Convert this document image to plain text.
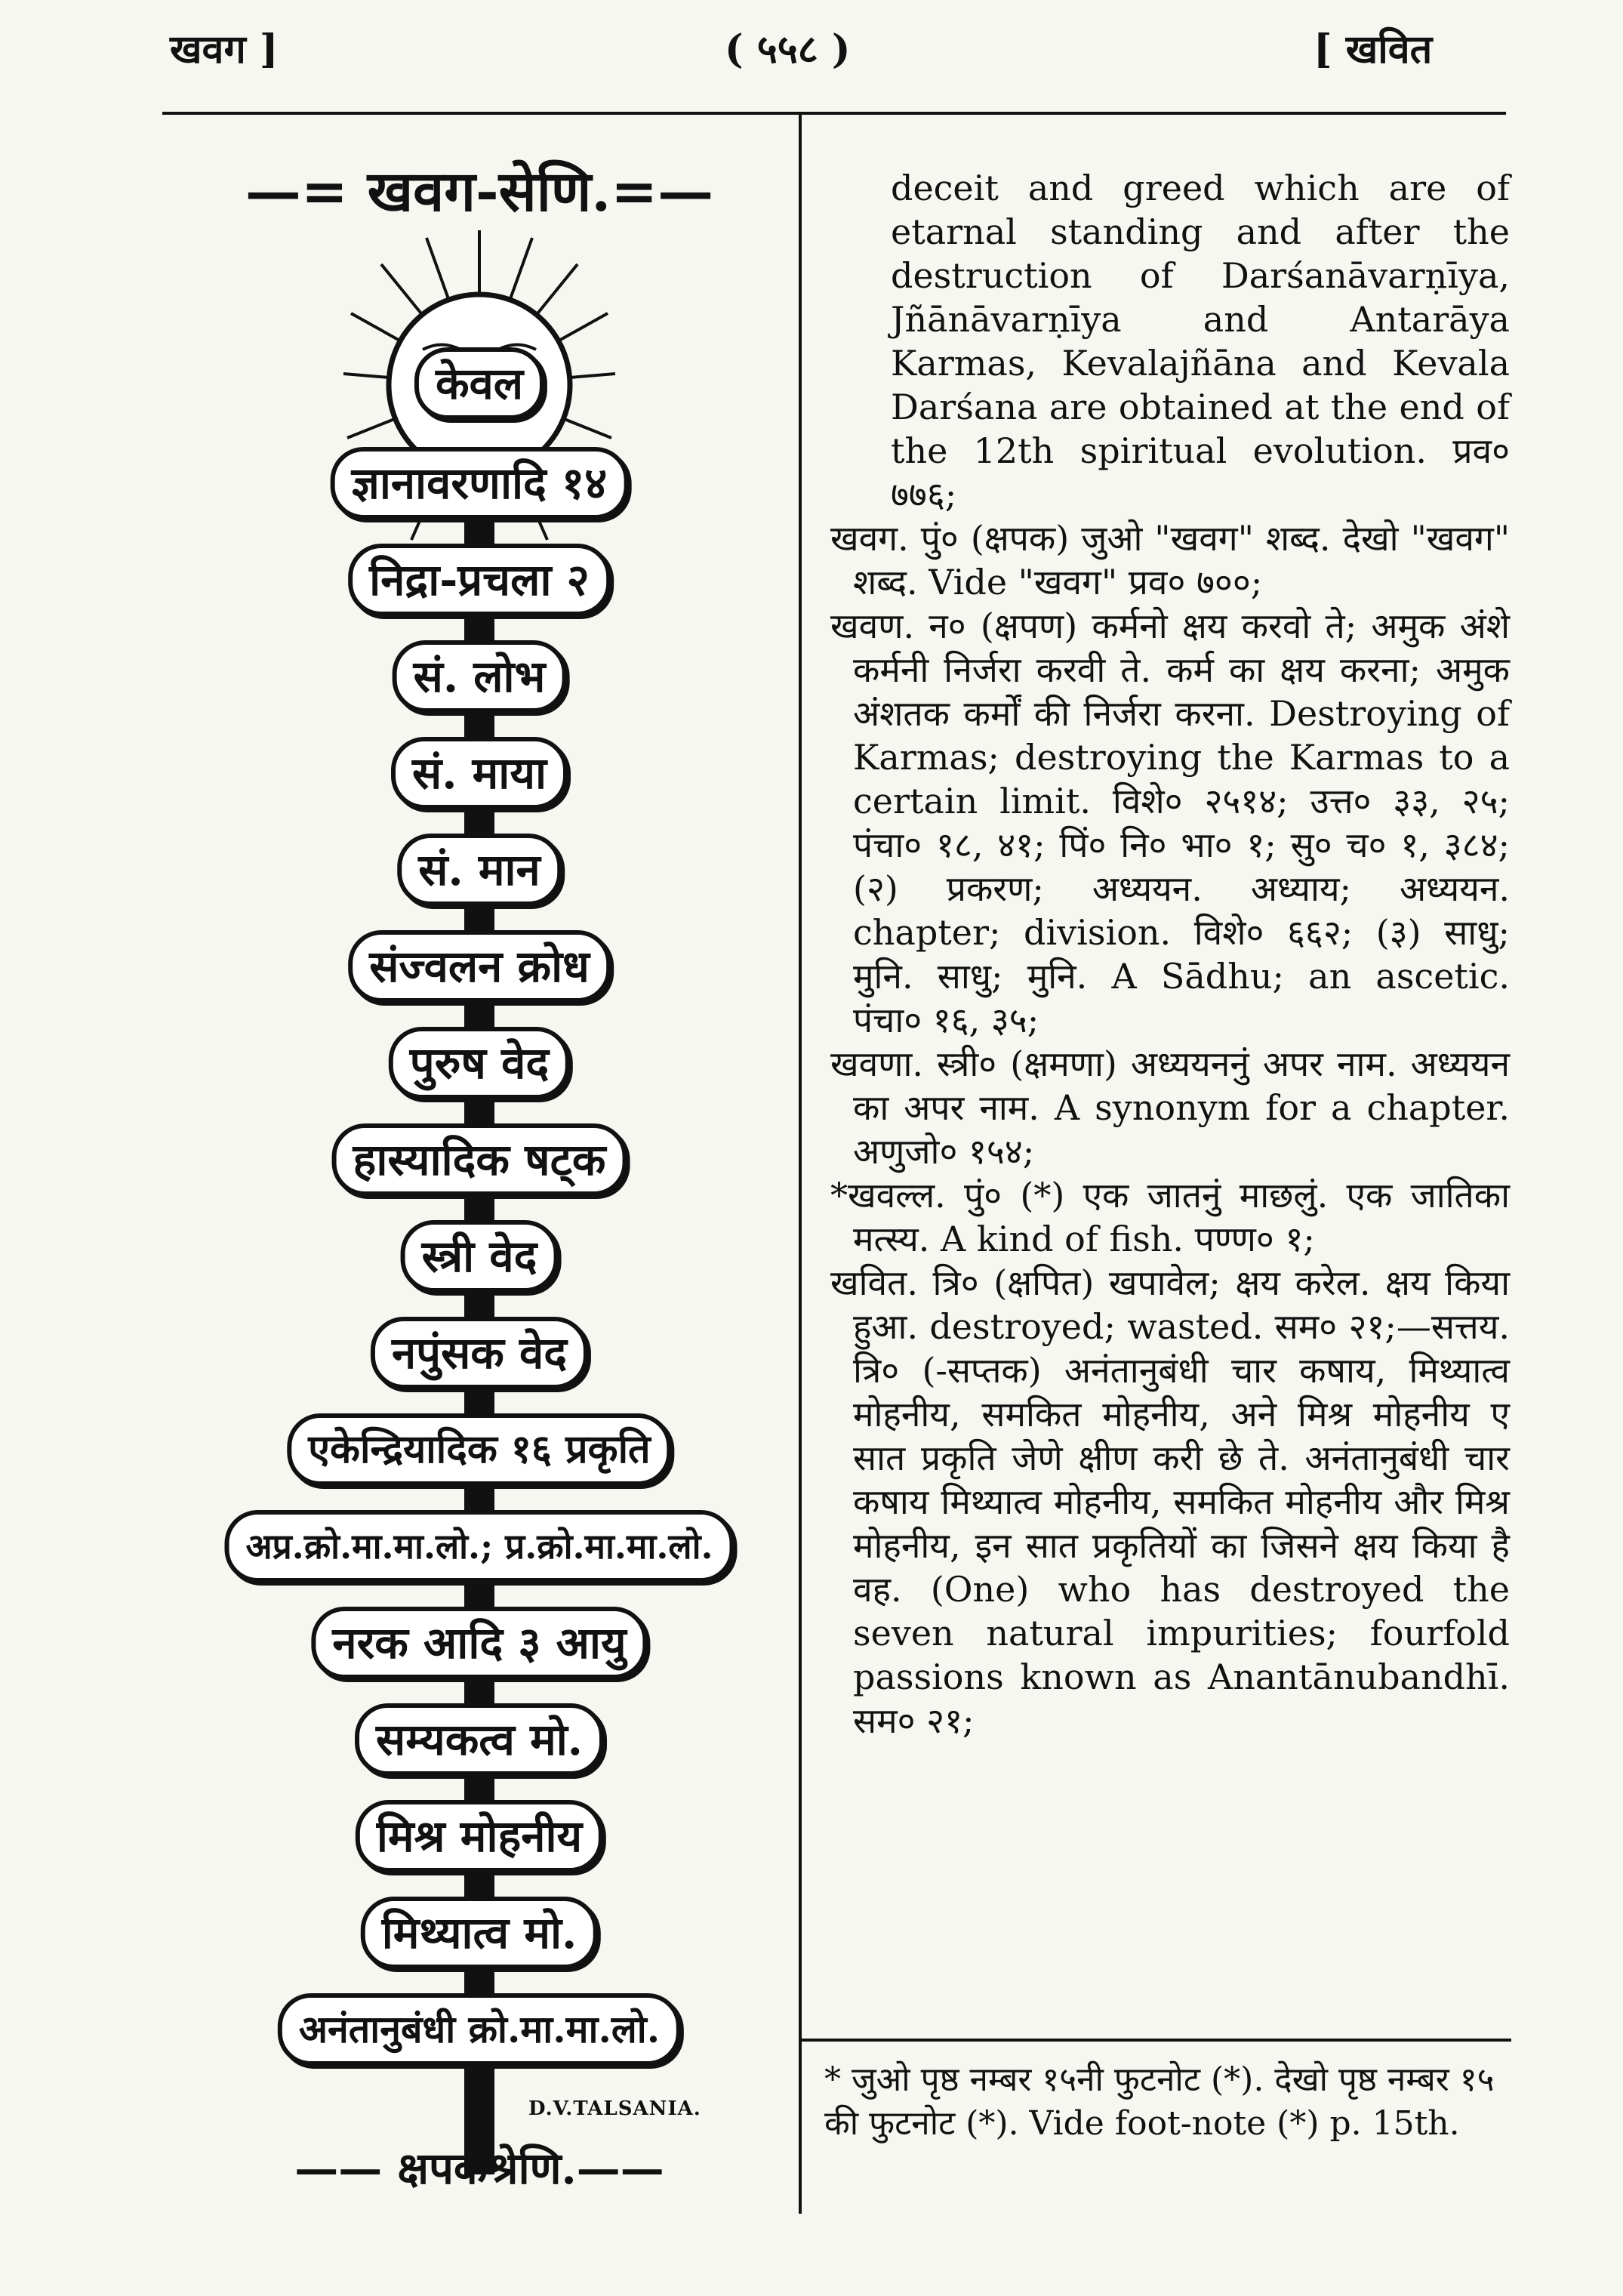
खवग ]	( ५५८ )	[ खवित
—= खवग-सेणि.=—
केवल
ज्ञानावरणादि १४
निद्रा-प्रचला २
सं. लोभ
सं. माया
सं. मान
संज्वलन क्रोध
पुरुष वेद
हास्यादिक षट्क
स्त्री वेद
नपुंसक वेद
एकेन्द्रियादिक १६ प्रकृति
अप्र.क्रो.मा.मा.लो.; प्र.क्रो.मा.मा.लो.
नरक आदि ३ आयु
सम्यकत्व मो.
मिश्र मोहनीय
मिथ्यात्व मो.
अनंतानुबंधी क्रो.मा.मा.लो.
D.V.TALSANIA.
—— क्षपकश्रेणि.——

deceit and greed which are of etarnal standing and after the destruction of Darśanāvarṇīya, Jñānāvarṇīya and Antarāya Karmas, Kevalajñāna and Kevala Darśana are obtained at the end of the 12th spiritual evolution. प्रव० ७७६;

खवग. पुं० (क्षपक) जुओ "खवग" शब्द. देखो "खवग" शब्द. Vide "खवग" प्रव० ७००;

खवण. न० (क्षपण) कर्मनो क्षय करवो ते; अमुक अंशे कर्मनी निर्जरा करवी ते. कर्म का क्षय करना; अमुक अंशतक कर्मों की निर्जरा करना. Destroying of Karmas; destroying the Karmas to a certain limit. विशे० २५१४; उत्त० ३३, २५; पंचा० १८, ४१; पिं० नि० भा० १; सु० च० १, ३८४; (२) प्रकरण; अध्ययन. अध्याय; अध्ययन. chapter; division. विशे० ६६२; (३) साधु; मुनि. साधु; मुनि. A Sādhu; an ascetic. पंचा० १६, ३५;

खवणा. स्त्री० (क्षमणा) अध्ययननुं अपर नाम. अध्ययन का अपर नाम. A synonym for a chapter. अणुजो० १५४;

*खवल्ल. पुं० (*) एक जातनुं माछलुं. एक जातिका मत्स्य. A kind of fish. पण्ण० १;

खवित. त्रि० (क्षपित) खपावेल; क्षय करेल. क्षय किया हुआ. destroyed; wasted. सम० २१;—सत्तय. त्रि० (-सप्तक) अनंतानुबंधी चार कषाय, मिथ्यात्व मोहनीय, समकित मोहनीय, अने मिश्र मोहनीय ए सात प्रकृति जेणे क्षीण करी छे ते. अनंतानुबंधी चार कषाय मिथ्यात्व मोहनीय, समकित मोहनीय और मिश्र मोहनीय, इन सात प्रकृतियों का जिसने क्षय किया है वह. (One) who has destroyed the seven natural impurities; fourfold passions known as Anantānubandhī. सम० २१;

* जुओ पृष्ठ नम्बर १५नी फुटनोट (*). देखो पृष्ठ नम्बर १५ की फुटनोट (*). Vide foot-note (*) p. 15th.
